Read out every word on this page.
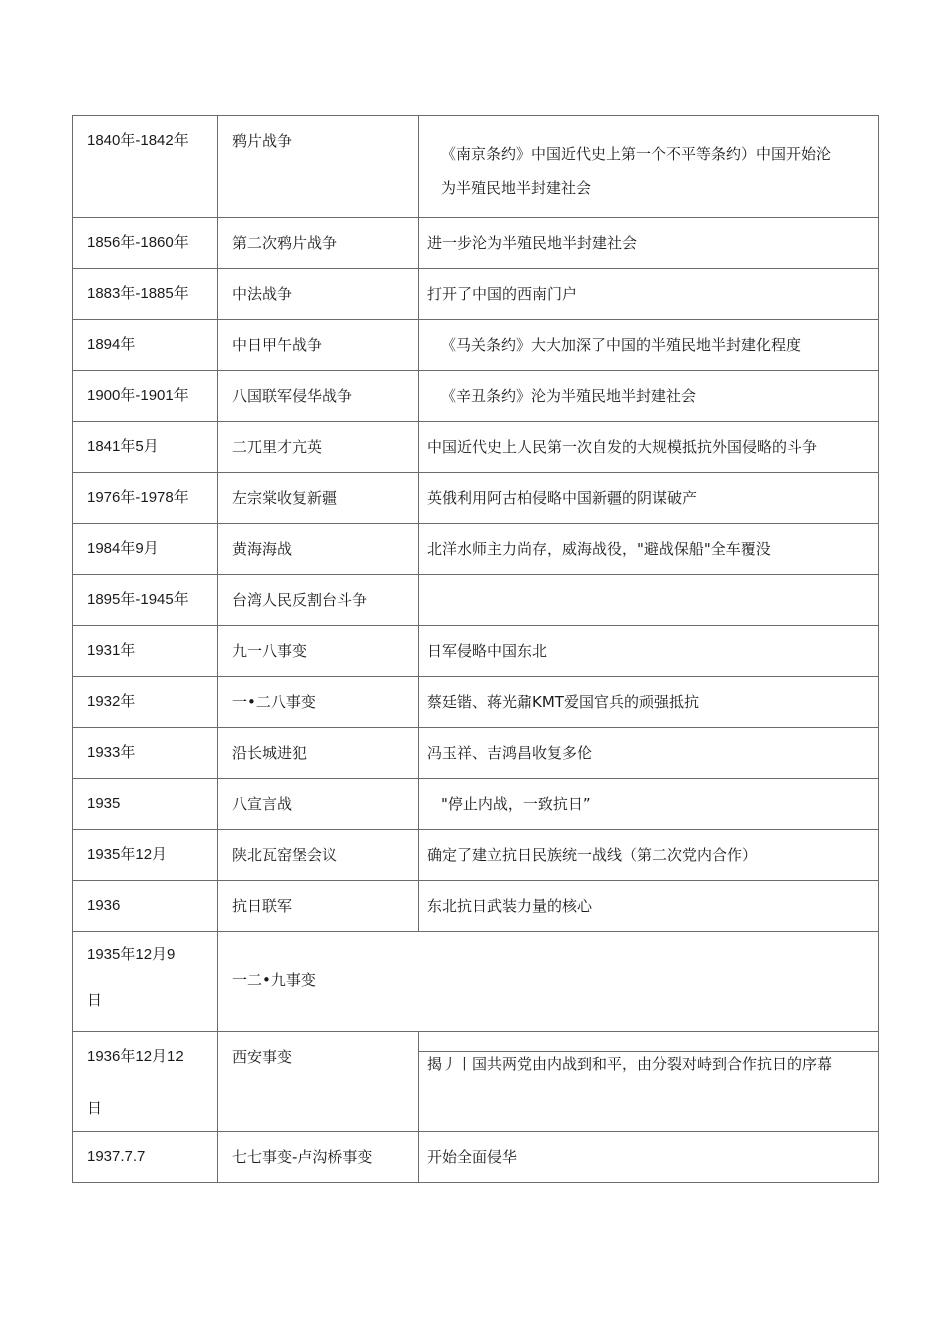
1840年-1842年	鸦片战争	《南京条约》中国近代史上第一个不平等条约）中国开始沦
为半殖民地半封建社会

1856年-1860年	第二次鸦片战争	进一步沦为半殖民地半封建社会
1883年-1885年	中法战争	打开了中国的西南门户
1894年	中日甲午战争	《马关条约》大大加深了中国的半殖民地半封建化程度
1900年-1901年	八国联军侵华战争	《辛丑条约》沦为半殖民地半封建社会
1841年5月	二兀里才亢英	中国近代史上人民第一次自发的大规模抵抗外国侵略的斗争
1976年-1978年	左宗棠收复新疆	英俄利用阿古柏侵略中国新疆的阴谋破产
1984年9月	黄海海战	北洋水师主力尚存，威海战役，"避战保船"全车覆没
1895年-1945年	台湾人民反割台斗争	
1931年	九一八事变	日军侵略中国东北
1932年	一•二八事变	蔡廷锴、蒋光鼐KMT爱国官兵的顽强抵抗
1933年	沿长城进犯	冯玉祥、吉鸿昌收复多伦
1935	八宣言战	"停止内战，一致抗日”
1935年12月	陕北瓦窑堡会议	确定了建立抗日民族统一战线（第二次党内合作）
1936	抗日联军	东北抗日武装力量的核心

1935年12月9
日	一二•九事变	

1936年12月12
日	西安事变	揭丿丨国共两党由内战到和平，由分裂对峙到合作抗日的序幕

1937.7.7	七七事变-卢沟桥事变	开始全面侵华
